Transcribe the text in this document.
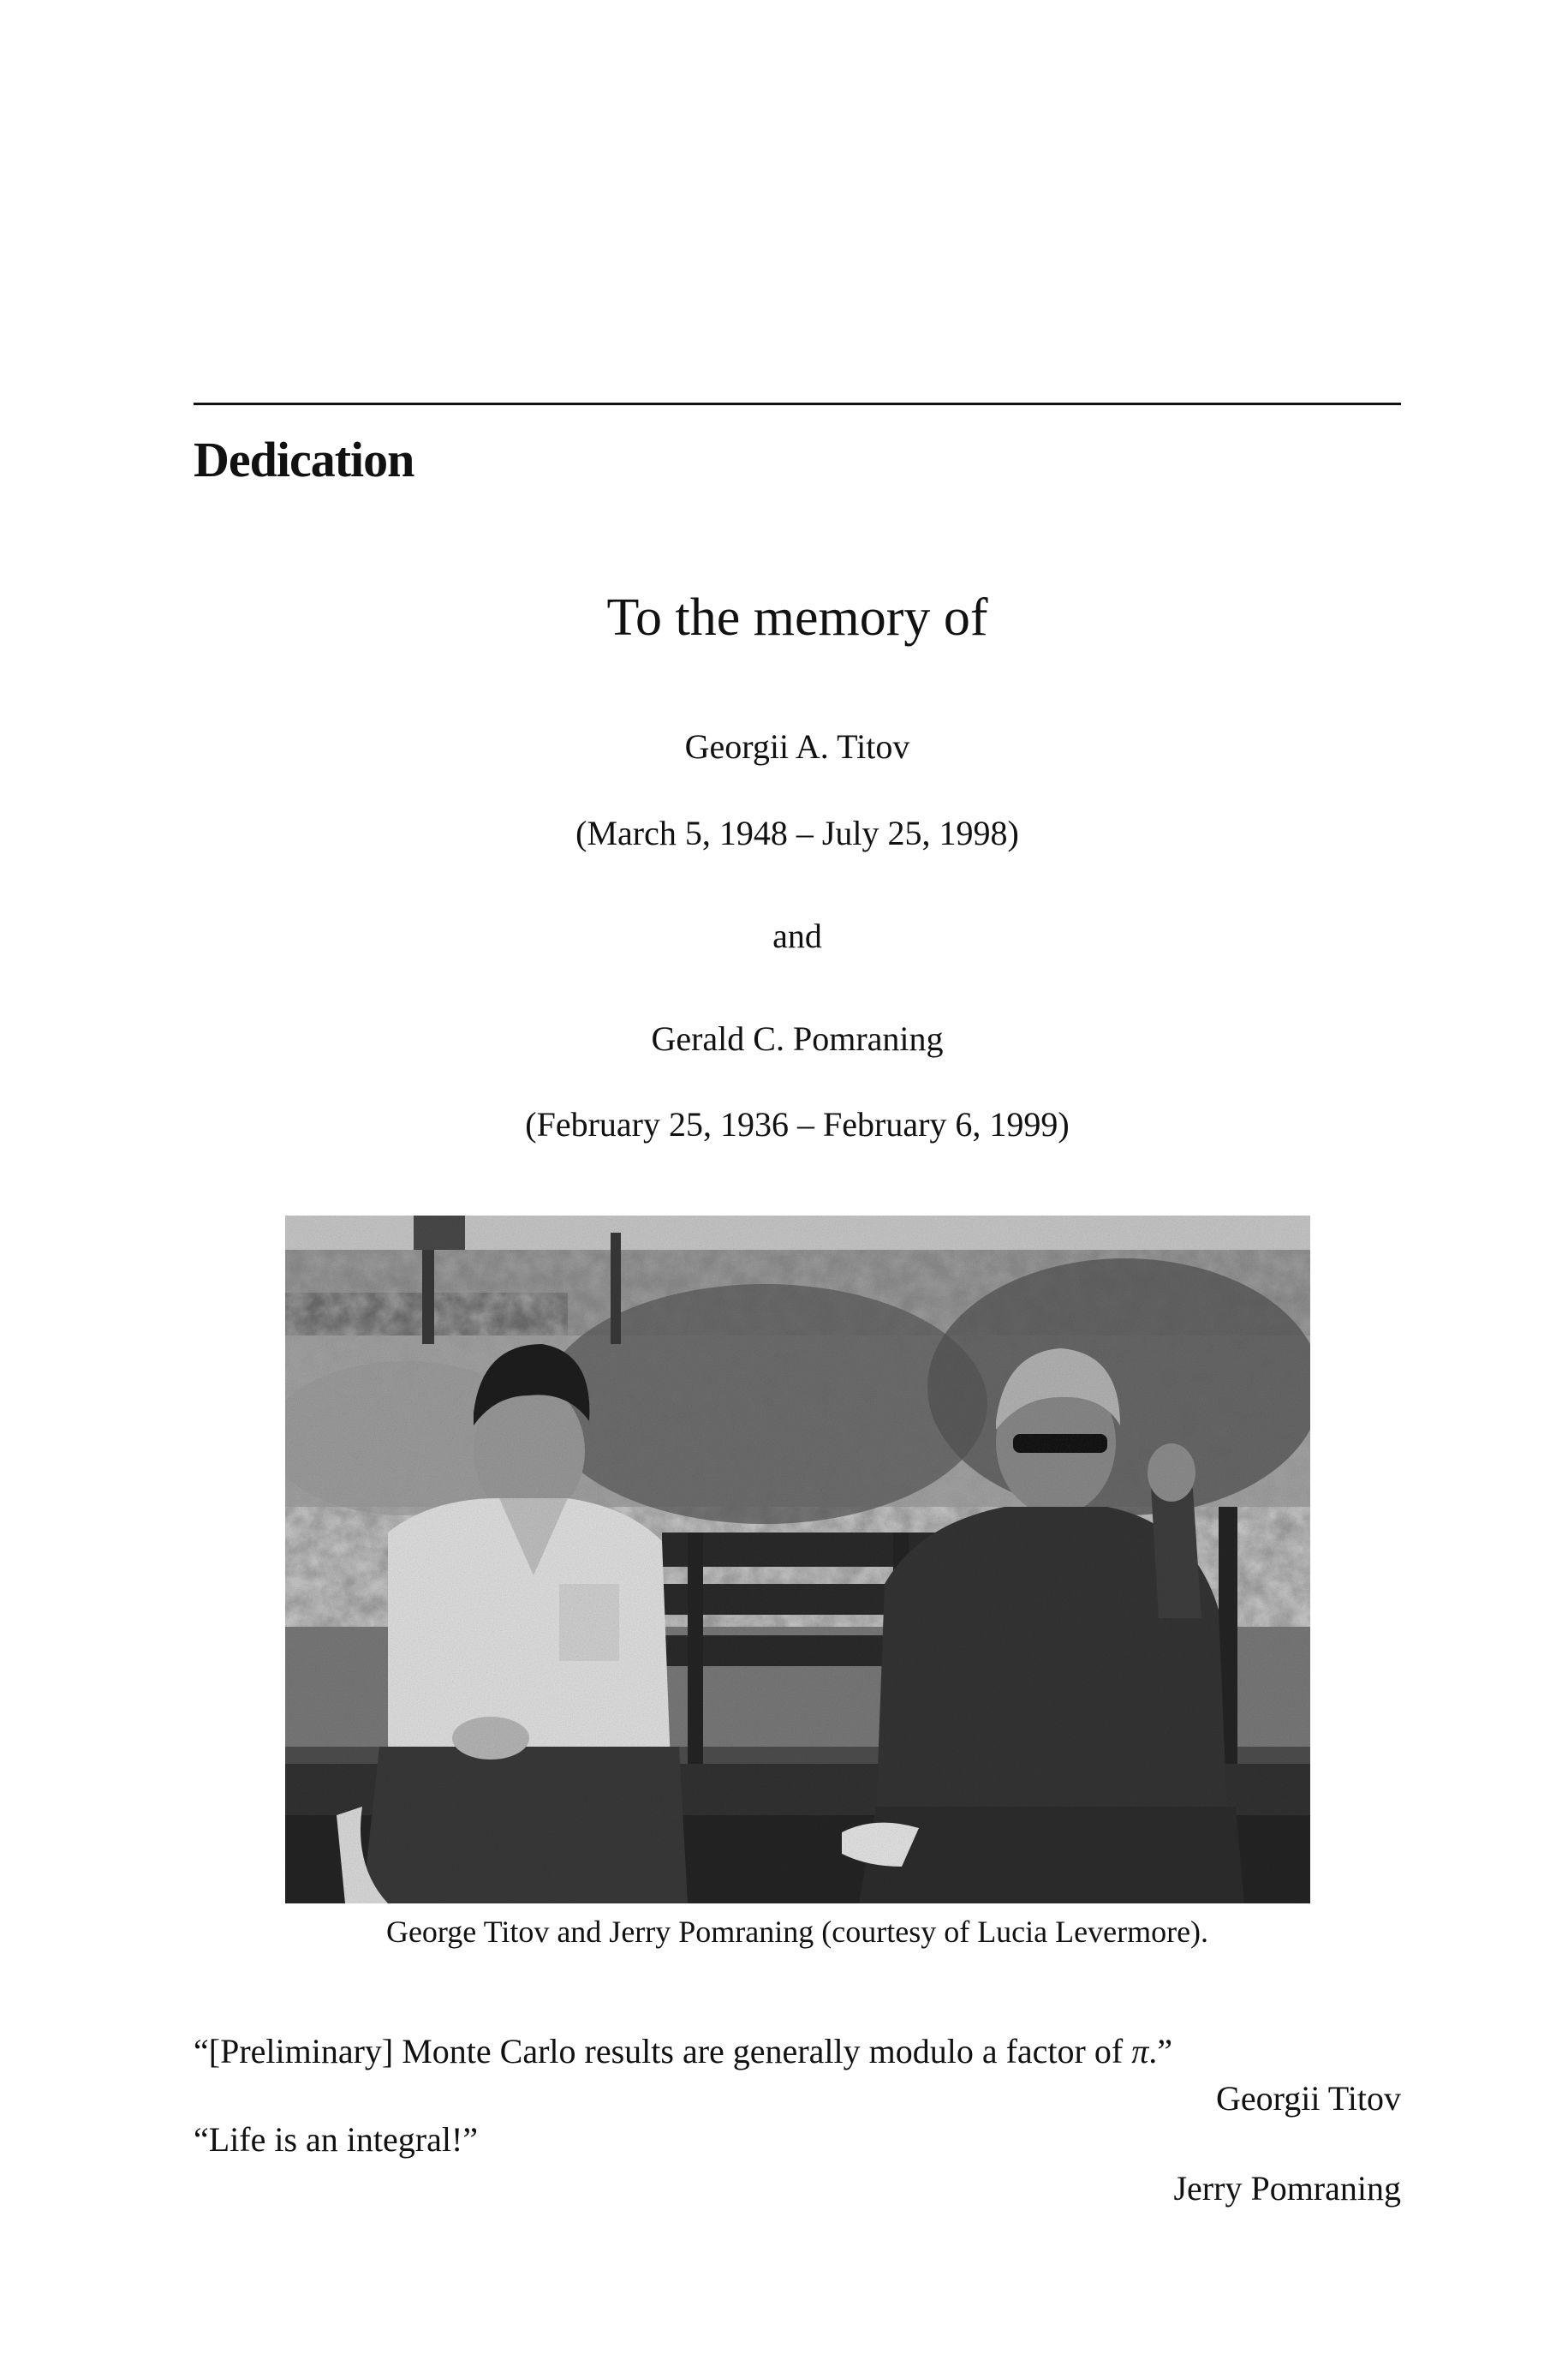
Dedication
To the memory of
Georgii A. Titov
(March 5, 1948 – July 25, 1998)
and
Gerald C. Pomraning
(February 25, 1936 – February 6, 1999)
George Titov and Jerry Pomraning (courtesy of Lucia Levermore).
“[Preliminary] Monte Carlo results are generally modulo a factor of π.”
Georgii Titov
“Life is an integral!”
Jerry Pomraning
